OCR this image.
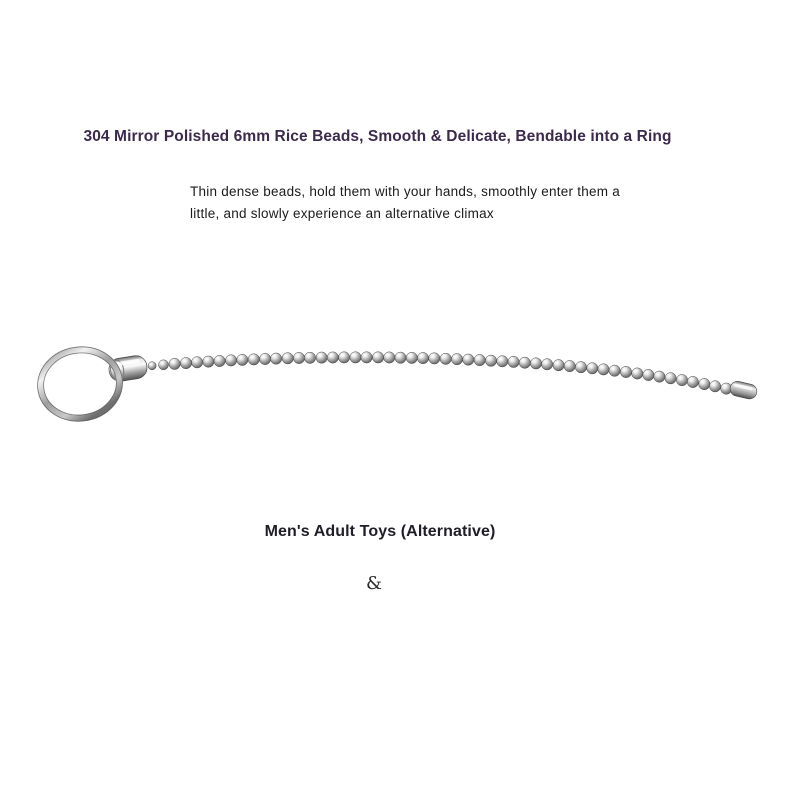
304 Mirror Polished 6mm Rice Beads, Smooth & Delicate, Bendable into a Ring

Thin dense beads, hold them with your hands, smoothly enter them a
little, and slowly experience an alternative climax

Men's Adult Toys (Alternative)

&
